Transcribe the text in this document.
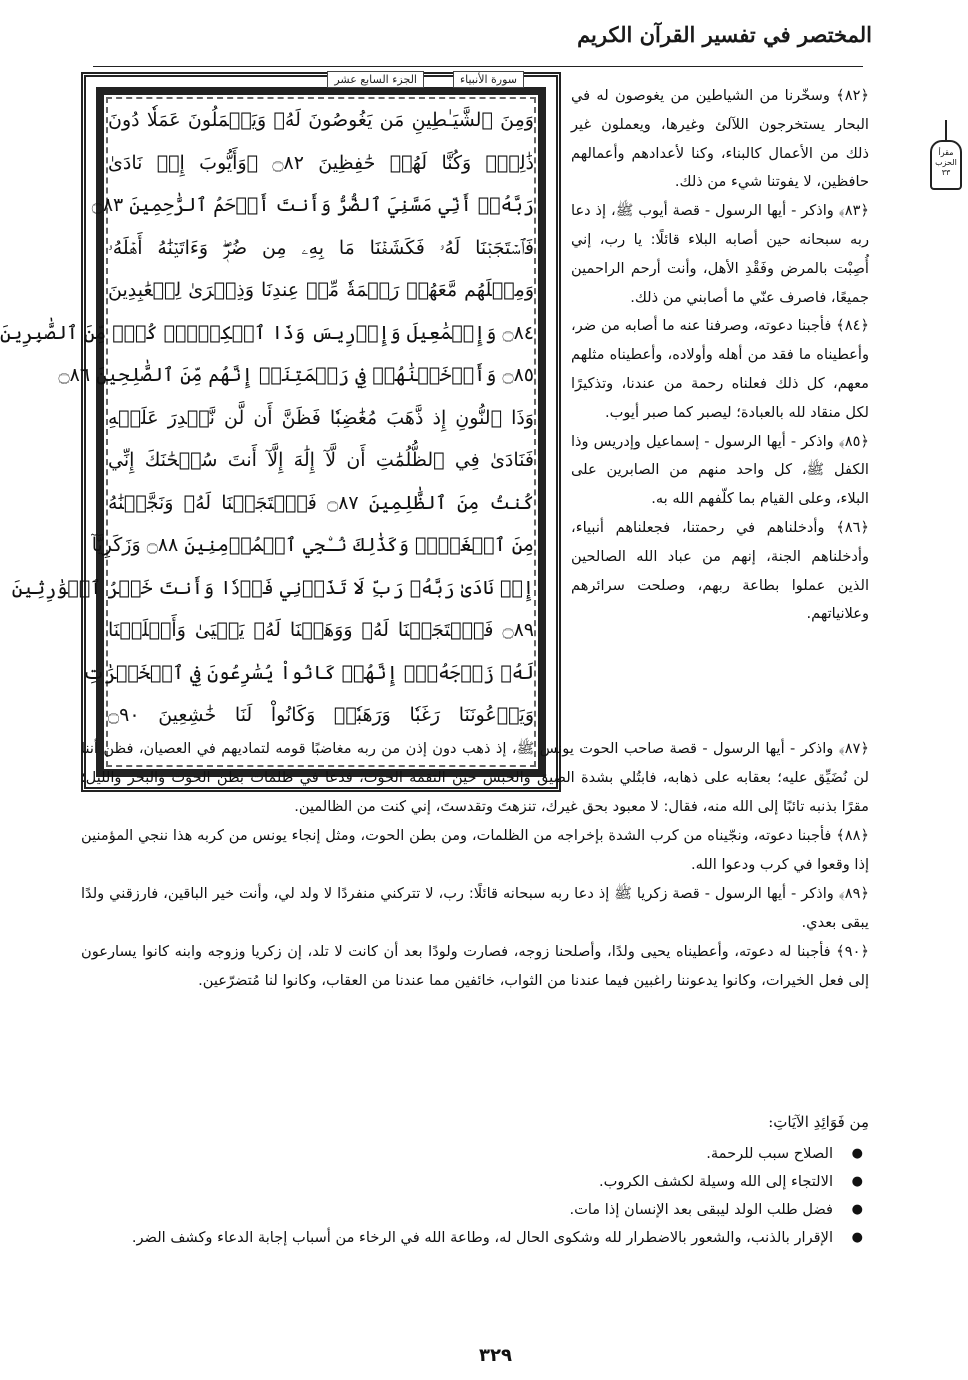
المختصر في تفسير القرآن الكريم
مقرأ الحزب ٣٣
سورة الأنبياء
الجزء السابع عشر
وَمِنَ ٱلشَّيَـٰطِينِ مَن يَغُوصُونَ لَهُۥ وَيَعۡمَلُونَ عَمَلٗا دُونَ
ذَٰلِكَۖ وَكُنَّا لَهُمۡ حَٰفِظِينَ ۝٨٢ ۞وَأَيُّوبَ إِذۡ نَادَىٰ
رَبَّهُۥٓ أَنِّي مَسَّنِيَ ٱلضُّرُّ وَأَنتَ أَرۡحَمُ ٱلرَّٰحِمِينَ ۝٨٣
فَٱسۡتَجَبۡنَا لَهُۥ فَكَشَفۡنَا مَا بِهِۦ مِن ضُرّٖۖ وَءَاتَيۡنَٰهُ أَهۡلَهُۥ
وَمِثۡلَهُم مَّعَهُمۡ رَحۡمَةٗ مِّنۡ عِندِنَا وَذِكۡرَىٰ لِلۡعَٰبِدِينَ
۝٨٤ وَإِسۡمَٰعِيلَ وَإِدۡرِيسَ وَذَا ٱلۡكِفۡلِۖ كُلّٞ مِّنَ ٱلصَّٰبِرِينَ
۝٨٥ وَأَدۡخَلۡنَٰهُمۡ فِي رَحۡمَتِنَآۖ إِنَّهُم مِّنَ ٱلصَّٰلِحِينَ ۝٨٦
وَذَا ٱلنُّونِ إِذ ذَّهَبَ مُغَٰضِبٗا فَظَنَّ أَن لَّن نَّقۡدِرَ عَلَيۡهِ
فَنَادَىٰ فِي ٱلظُّلُمَٰتِ أَن لَّآ إِلَٰهَ إِلَّآ أَنتَ سُبۡحَٰنَكَ إِنِّي
كُنتُ مِنَ ٱلظَّٰلِمِينَ ۝٨٧ فَٱسۡتَجَبۡنَا لَهُۥ وَنَجَّيۡنَٰهُ
مِنَ ٱلۡغَمِّۚ وَكَذَٰلِكَ نُـۨجِي ٱلۡمُؤۡمِنِينَ ۝٨٨ وَزَكَرِيَّآ
إِذۡ نَادَىٰ رَبَّهُۥ رَبِّ لَا تَذَرۡنِي فَرۡدٗا وَأَنتَ خَيۡرُ ٱلۡوَٰرِثِينَ
۝٨٩ فَٱسۡتَجَبۡنَا لَهُۥ وَوَهَبۡنَا لَهُۥ يَحۡيَىٰ وَأَصۡلَحۡنَا
لَهُۥ زَوۡجَهُۥٓۚ إِنَّهُمۡ كَانُواْ يُسَٰرِعُونَ فِي ٱلۡخَيۡرَٰتِ
وَيَدۡعُونَنَا رَغَبٗا وَرَهَبٗاۖ وَكَانُواْ لَنَا خَٰشِعِينَ ۝٩٠

﴿٨٢﴾ وسخّرنا من الشياطين من يغوصون له في البحار يستخرجون اللآلئ وغيرها، ويعملون غير ذلك من الأعمال كالبناء، وكنا لأعدادهم وأعمالهم حافظين، لا يفوتنا شيء من ذلك.

﴿٨٣﴾ واذكر - أيها الرسول - قصة أيوب ﷺ، إذ دعا ربه سبحانه حين أصابه البلاء قائلًا: يا رب، إني أُصِبْت بالمرض وفَقْدِ الأهل، وأنت أرحم الراحمين جميعًا، فاصرف عنّي ما أصابني من ذلك.

﴿٨٤﴾ فأجبنا دعوته، وصرفنا عنه ما أصابه من ضر، وأعطيناه ما فقد من أهله وأولاده، وأعطيناه مثلهم معهم، كل ذلك فعلناه رحمة من عندنا، وتذكيرًا لكل منقاد لله بالعبادة؛ ليصبر كما صبر أيوب.

﴿٨٥﴾ واذكر - أيها الرسول - إسماعيل وإدريس وذا الكفل ﷺ، كل واحد منهم من الصابرين على البلاء، وعلى القيام بما كلّفهم الله به.

﴿٨٦﴾ وأدخلناهم في رحمتنا، فجعلناهم أنبياء، وأدخلناهم الجنة، إنهم من عباد الله الصالحين الذين عملوا بطاعة ربهم، وصلحت سرائرهم وعلانياتهم.

﴿٨٧﴾ واذكر - أيها الرسول - قصة صاحب الحوت يونس ﷺ، إذ ذهب دون إذن من ربه مغاضبًا قومه لتماديهم في العصيان، فظن أننا لن نُضَيِّق عليه؛ بعقابه على ذهابه، فابتُلي بشدة الضيق والحبس حين التقمه الحوت، فدعا في ظلمات بطن الحوت والبحر والليل؛ مقرًا بذنبه تائبًا إلى الله منه، فقال: لا معبود بحق غيرك، تنزهتَ وتقدستَ، إني كنت من الظالمين.

﴿٨٨﴾ فأجبنا دعوته، ونجّيناه من كرب الشدة بإخراجه من الظلمات، ومن بطن الحوت، ومثل إنجاء يونس من كربه هذا ننجي المؤمنين إذا وقعوا في كرب ودعوا الله.

﴿٨٩﴾ واذكر - أيها الرسول - قصة زكريا ﷺ إذ دعا ربه سبحانه قائلًا: رب، لا تتركني منفردًا لا ولد لي، وأنت خير الباقين، فارزقني ولدًا يبقى بعدي.

﴿٩٠﴾ فأجبنا له دعوته، وأعطيناه يحيى ولدًا، وأصلحنا زوجه، فصارت ولودًا بعد أن كانت لا تلد، إن زكريا وزوجه وابنه كانوا يسارعون إلى فعل الخيرات، وكانوا يدعوننا راغبين فيما عندنا من الثواب، خائفين مما عندنا من العقاب، وكانوا لنا مُتضرّعين.

مِن فَوَائِدِ الآيَاتِ:
● الصلاح سبب للرحمة.
● الالتجاء إلى الله وسيلة لكشف الكروب.
● فضل طلب الولد ليبقى بعد الإنسان إذا مات.
● الإقرار بالذنب، والشعور بالاضطرار لله وشكوى الحال له، وطاعة الله في الرخاء من أسباب إجابة الدعاء وكشف الضر.
٣٢٩
